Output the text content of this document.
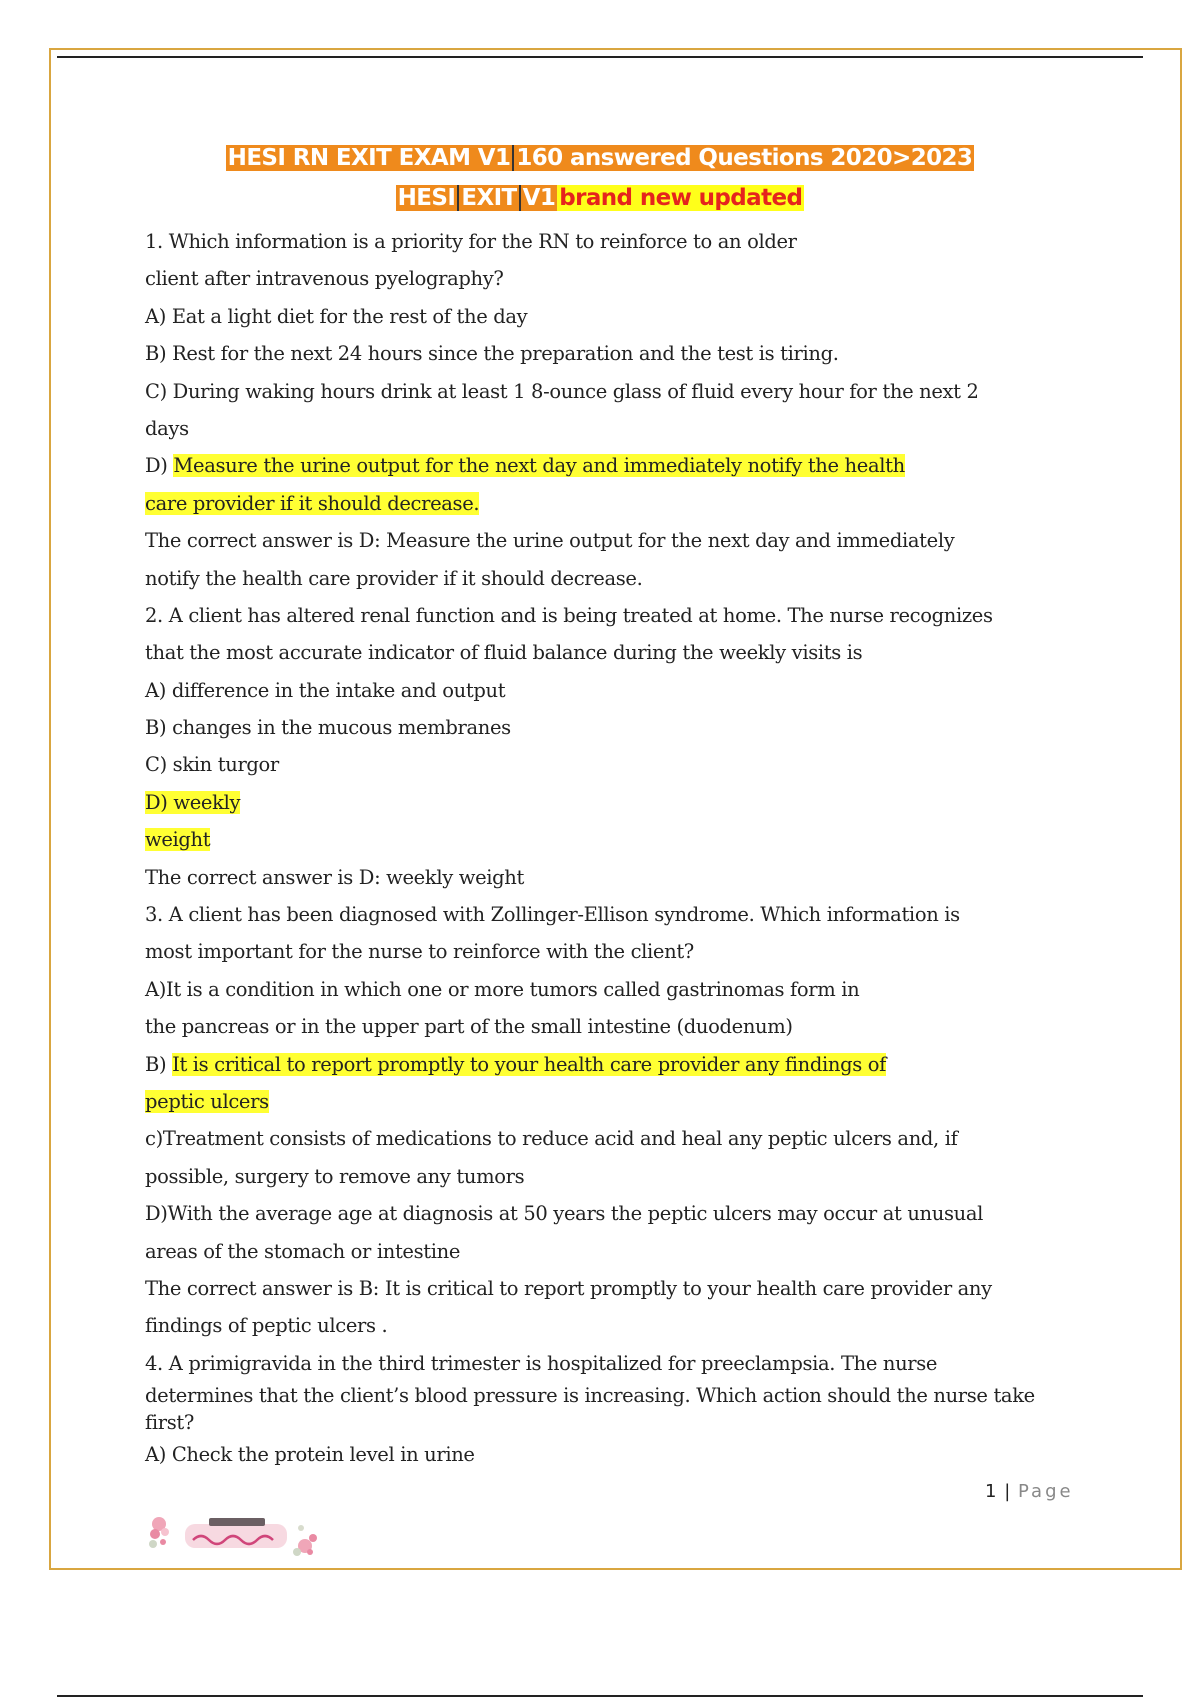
HESI RN EXIT EXAM V1 160 answered Questions 2020>2023
HESI EXIT V1 brand new updated
1. Which information is a priority for the RN to reinforce to an older
client after intravenous pyelography?
A) Eat a light diet for the rest of the day
B) Rest for the next 24 hours since the preparation and the test is tiring.
C) During waking hours drink at least 1 8-ounce glass of fluid every hour for the next 2
days
D) Measure the urine output for the next day and immediately notify the health
care provider if it should decrease.
The correct answer is D: Measure the urine output for the next day and immediately
notify the health care provider if it should decrease.
2. A client has altered renal function and is being treated at home. The nurse recognizes
that the most accurate indicator of fluid balance during the weekly visits is
A) difference in the intake and output
B) changes in the mucous membranes
C) skin turgor
D) weekly
weight
The correct answer is D: weekly weight
3. A client has been diagnosed with Zollinger-Ellison syndrome. Which information is
most important for the nurse to reinforce with the client?
A)It is a condition in which one or more tumors called gastrinomas form in
the pancreas or in the upper part of the small intestine (duodenum)
B) It is critical to report promptly to your health care provider any findings of
peptic ulcers
c)Treatment consists of medications to reduce acid and heal any peptic ulcers and, if
possible, surgery to remove any tumors
D)With the average age at diagnosis at 50 years the peptic ulcers may occur at unusual
areas of the stomach or intestine
The correct answer is B: It is critical to report promptly to your health care provider any
findings of peptic ulcers .
4. A primigravida in the third trimester is hospitalized for preeclampsia. The nurse
determines that the client’s blood pressure is increasing. Which action should the nurse take
first?
A) Check the protein level in urine
1 | Page
